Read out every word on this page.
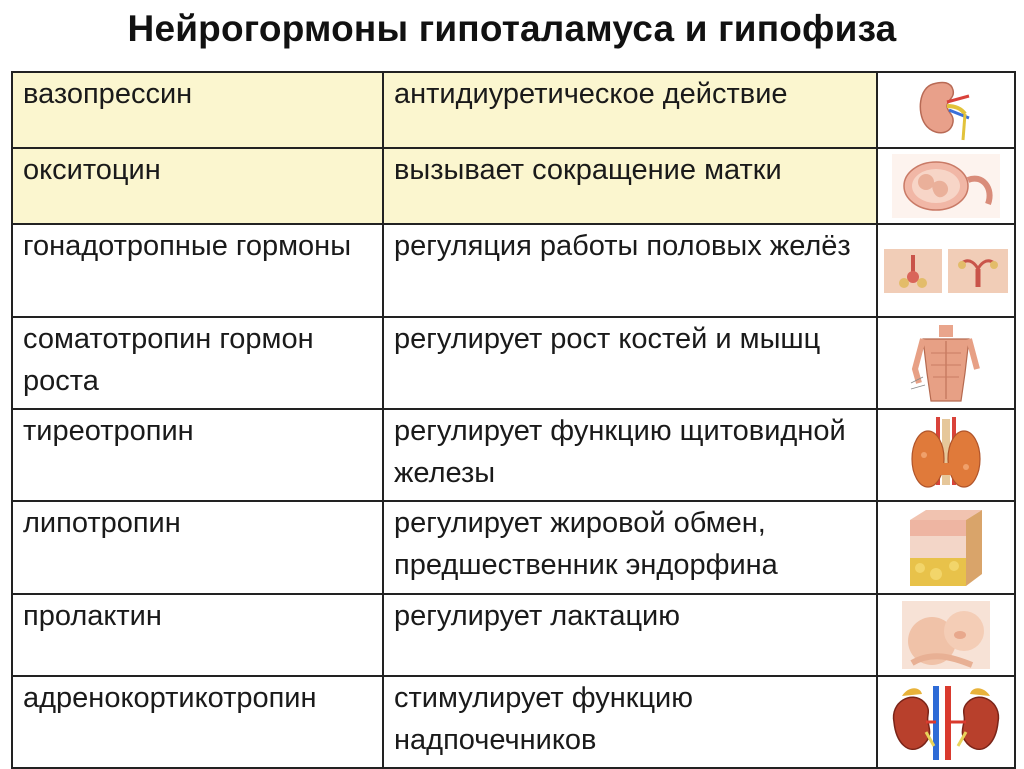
Нейрогормоны гипоталамуса и гипофиза
вазопрессин	антидиуретическое действие	

окситоцин	вызывает сокращение матки	

гонадотропные гормоны	регуляция работы половых желёз	

соматотропин гормон роста	регулирует рост костей и мышц	

тиреотропин	регулирует функцию щитовидной железы	

липотропин	регулирует жировой обмен, предшественник эндорфина	

пролактин	регулирует лактацию	

адренокортикотропин	стимулирует функцию надпочечников	
